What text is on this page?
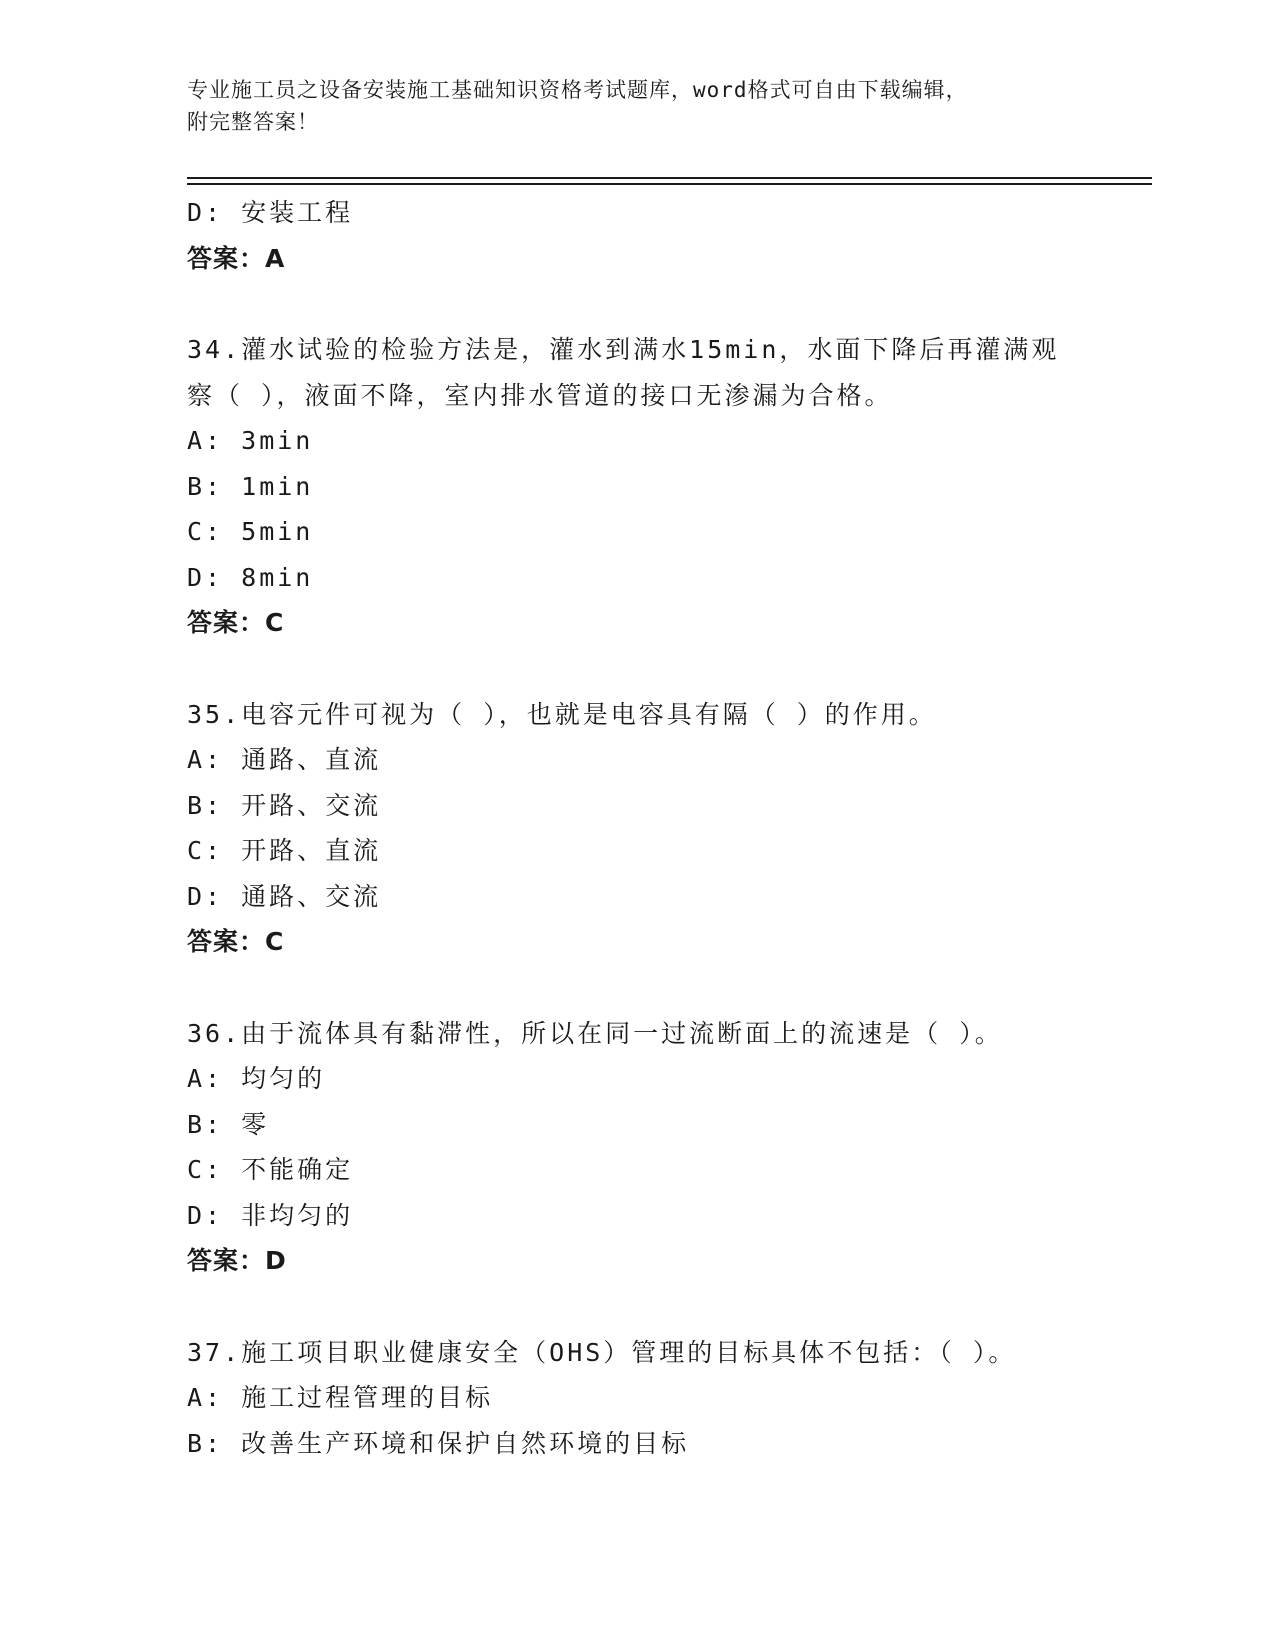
专业施工员之设备安装施工基础知识资格考试题库，word格式可自由下载编辑，
附完整答案！
D: 安装工程
答案：A
34.灌水试验的检验方法是，灌水到满水15min，水面下降后再灌满观
察（ ），液面不降，室内排水管道的接口无渗漏为合格。
A: 3min
B: 1min
C: 5min
D: 8min
答案：C
35.电容元件可视为（ ），也就是电容具有隔（ ）的作用。
A: 通路、直流
B: 开路、交流
C: 开路、直流
D: 通路、交流
答案：C
36.由于流体具有黏滞性，所以在同一过流断面上的流速是（ ）。
A: 均匀的
B: 零
C: 不能确定
D: 非均匀的
答案：D
37.施工项目职业健康安全（OHS）管理的目标具体不包括：（ ）。
A: 施工过程管理的目标
B: 改善生产环境和保护自然环境的目标
